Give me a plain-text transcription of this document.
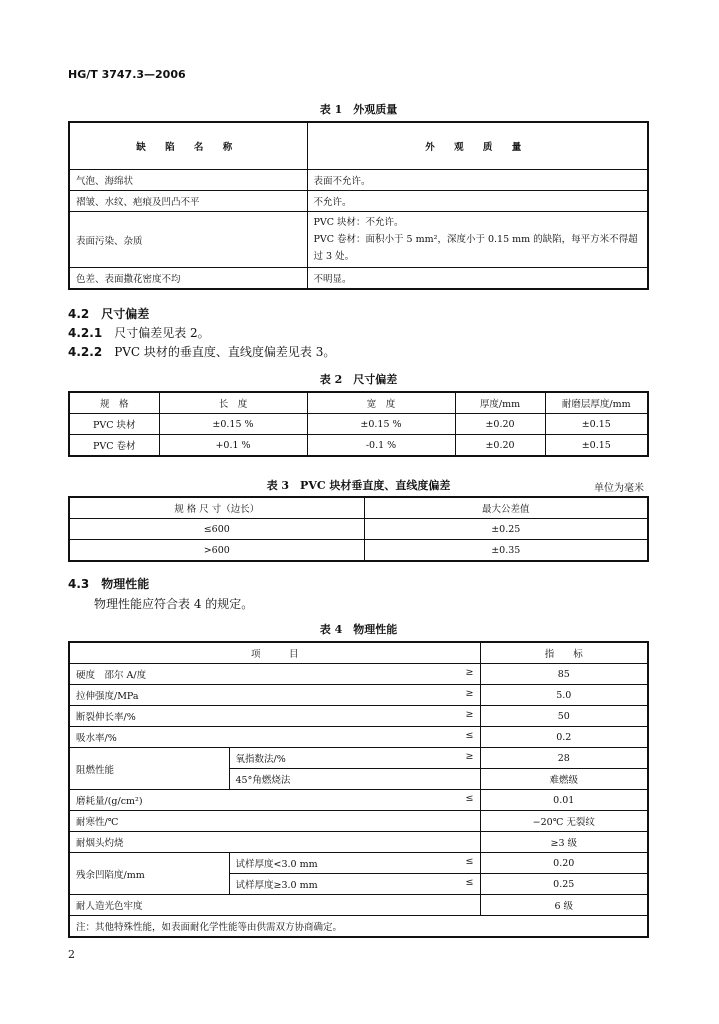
HG/T 3747.3—2006
表 1　外观质量
缺 陷 名 称	外 观 质 量
气泡、海绵状	表面不允许。
褶皱、水纹、疤痕及凹凸不平	不允许。
表面污染、杂质	PVC 块材：不允许。
PVC 卷材：面积小于 5 mm²，深度小于 0.15 mm 的缺陷，每平方米不得超过 3 处。

色差、表面撒花密度不均	不明显。
4.2　 尺寸偏差
4.2.1　 尺寸偏差见表 2。
4.2.2　 PVC 块材的垂直度、直线度偏差见表 3。
表 2　尺寸偏差
规　格	长　度	宽　度	厚度/mm	耐磨层厚度/mm
PVC 块材	±0.15 %	±0.15 %	±0.20	±0.15
PVC 卷材	+0.1 %	-0.1 %	±0.20	±0.15
表 3　PVC 块材垂直度、直线度偏差	单位为毫米
规 格 尺 寸（边长）	最大公差值
≤600	±0.25
>600	±0.35
4.3　 物理性能
物理性能应符合表 4 的规定。
表 4　物理性能
项　　　目		指　　标
硬度　邵尔 A/度 ≥		85
拉伸强度/MPa ≥		5.0
断裂伸长率/% ≥		50
吸水率/% ≤		0.2
阻燃性能	氧指数法/% ≥	28
	45°角燃烧法	难燃级
磨耗量/(g/cm²) ≤		0.01
耐寒性/℃		−20℃ 无裂纹
耐烟头灼烧		≥3 级
残余凹陷度/mm	试样厚度<3.0 mm ≤	0.20
	试样厚度≥3.0 mm ≤	0.25
耐人造光色牢度		6 级
注：其他特殊性能，如表面耐化学性能等由供需双方协商确定。		
2
